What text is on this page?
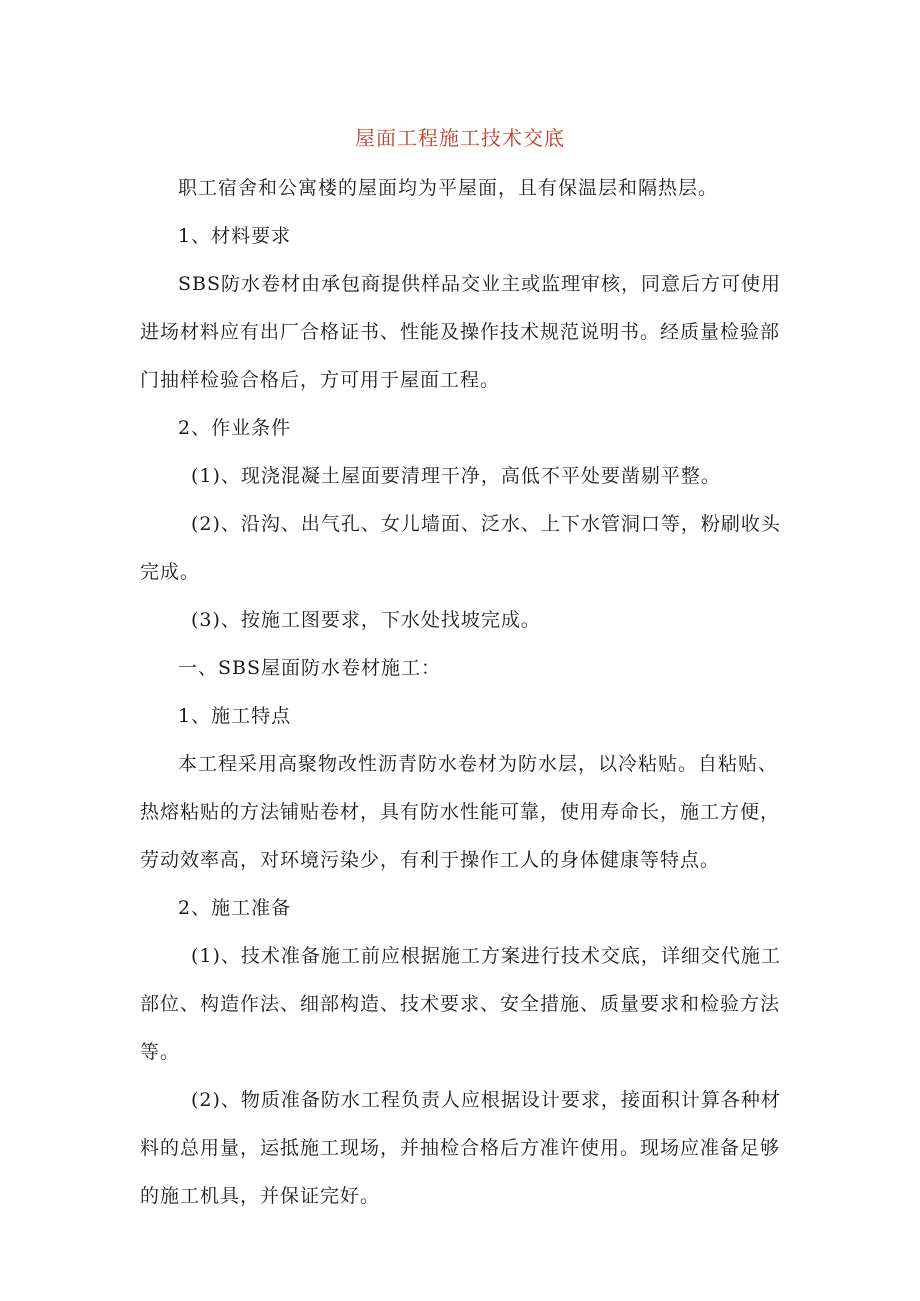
屋面工程施工技术交底
职工宿舍和公寓楼的屋面均为平屋面，且有保温层和隔热层。
1、材料要求
SBS防水卷材由承包商提供样品交业主或监理审核，同意后方可使用
进场材料应有出厂合格证书、性能及操作技术规范说明书。经质量检验部
门抽样检验合格后，方可用于屋面工程。
2、作业条件
(1)、现浇混凝土屋面要清理干净，高低不平处要凿剔平整。
(2)、沿沟、出气孔、女儿墙面、泛水、上下水管洞口等，粉刷收头
完成。
(3)、按施工图要求，下水处找坡完成。
一、SBS屋面防水卷材施工：
1、施工特点
本工程采用高聚物改性沥青防水卷材为防水层，以冷粘贴。自粘贴、
热熔粘贴的方法铺贴卷材，具有防水性能可靠，使用寿命长，施工方便，
劳动效率高，对环境污染少，有利于操作工人的身体健康等特点。
2、施工准备
(1)、技术准备施工前应根据施工方案进行技术交底，详细交代施工
部位、构造作法、细部构造、技术要求、安全措施、质量要求和检验方法
等。
(2)、物质准备防水工程负责人应根据设计要求，接面积计算各种材
料的总用量，运抵施工现场，并抽检合格后方准许使用。现场应准备足够
的施工机具，并保证完好。
